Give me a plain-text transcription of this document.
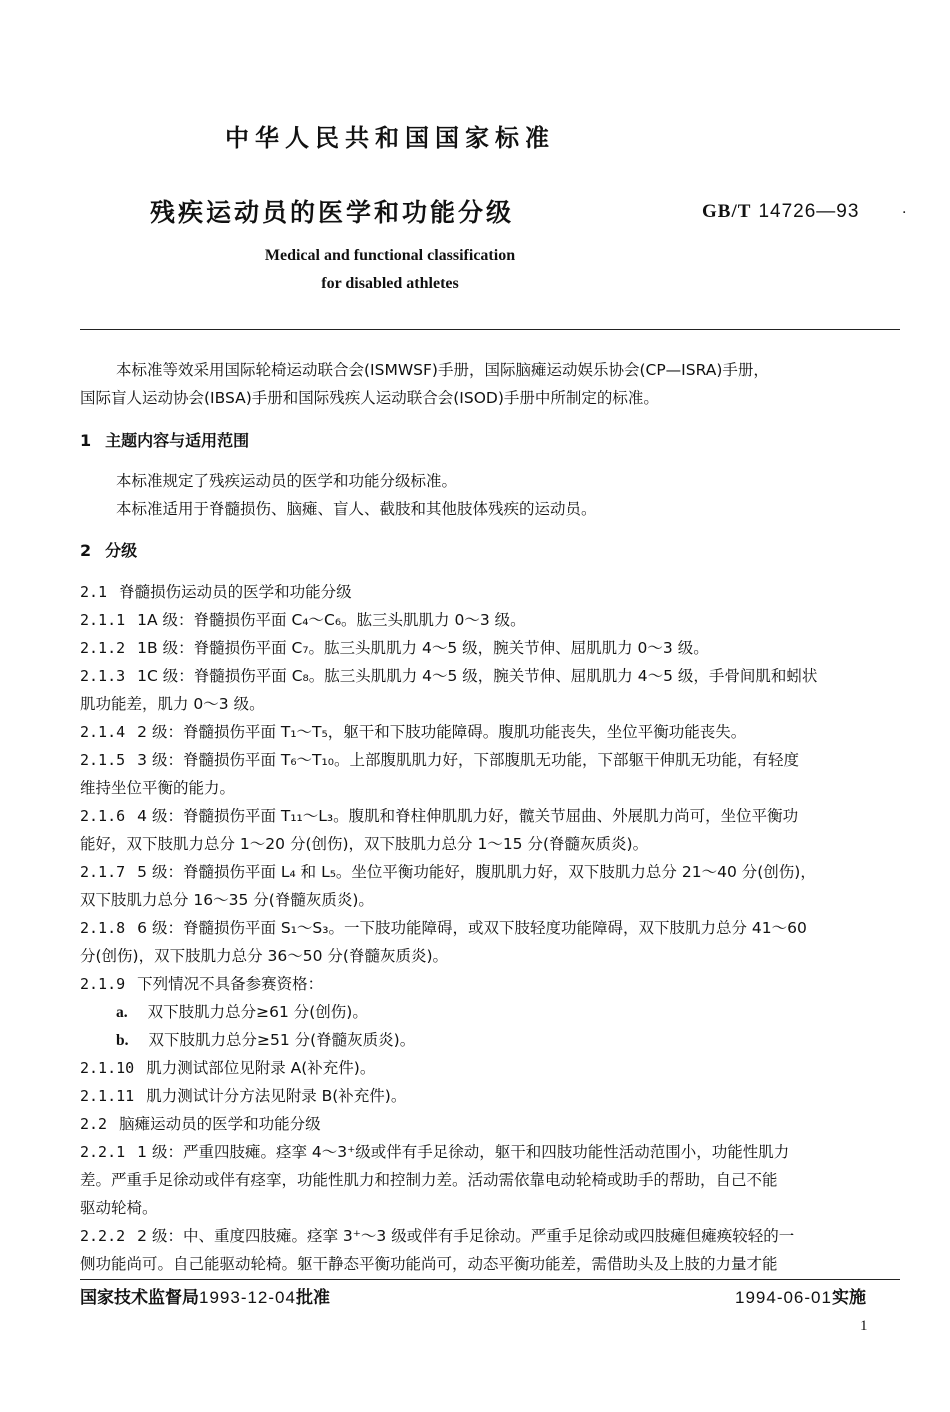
中华人民共和国国家标准
残疾运动员的医学和功能分级	GB/T 14726—93	·
Medical and functional classification
for disabled athletes
本标准等效采用国际轮椅运动联合会(ISMWSF)手册，国际脑瘫运动娱乐协会(CP—ISRA)手册，
国际盲人运动协会(IBSA)手册和国际残疾人运动联合会(ISOD)手册中所制定的标准。
1 主题内容与适用范围
本标准规定了残疾运动员的医学和功能分级标准。
本标准适用于脊髓损伤、脑瘫、盲人、截肢和其他肢体残疾的运动员。
2 分级
2.1 脊髓损伤运动员的医学和功能分级
2.1.1 1A 级：脊髓损伤平面 C₄～C₆。肱三头肌肌力 0～3 级。
2.1.2 1B 级：脊髓损伤平面 C₇。肱三头肌肌力 4～5 级，腕关节伸、屈肌肌力 0～3 级。
2.1.3 1C 级：脊髓损伤平面 C₈。肱三头肌肌力 4～5 级，腕关节伸、屈肌肌力 4～5 级，手骨间肌和蚓状
肌功能差，肌力 0～3 级。
2.1.4 2 级：脊髓损伤平面 T₁～T₅，躯干和下肢功能障碍。腹肌功能丧失，坐位平衡功能丧失。
2.1.5 3 级：脊髓损伤平面 T₆～T₁₀。上部腹肌肌力好，下部腹肌无功能，下部躯干伸肌无功能，有轻度
维持坐位平衡的能力。
2.1.6 4 级：脊髓损伤平面 T₁₁～L₃。腹肌和脊柱伸肌肌力好，髋关节屈曲、外展肌力尚可，坐位平衡功
能好，双下肢肌力总分 1～20 分(创伤)，双下肢肌力总分 1～15 分(脊髓灰质炎)。
2.1.7 5 级：脊髓损伤平面 L₄ 和 L₅。坐位平衡功能好，腹肌肌力好，双下肢肌力总分 21～40 分(创伤)，
双下肢肌力总分 16～35 分(脊髓灰质炎)。
2.1.8 6 级：脊髓损伤平面 S₁～S₃。一下肢功能障碍，或双下肢轻度功能障碍，双下肢肌力总分 41～60
分(创伤)，双下肢肌力总分 36～50 分(脊髓灰质炎)。
2.1.9 下列情况不具备参赛资格：
a. 双下肢肌力总分≥61 分(创伤)。
b. 双下肢肌力总分≥51 分(脊髓灰质炎)。
2.1.10 肌力测试部位见附录 A(补充件)。
2.1.11 肌力测试计分方法见附录 B(补充件)。
2.2 脑瘫运动员的医学和功能分级
2.2.1 1 级：严重四肢瘫。痉挛 4～3⁺级或伴有手足徐动，躯干和四肢功能性活动范围小，功能性肌力
差。严重手足徐动或伴有痉挛，功能性肌力和控制力差。活动需依靠电动轮椅或助手的帮助，自己不能
驱动轮椅。
2.2.2 2 级：中、重度四肢瘫。痉挛 3⁺～3 级或伴有手足徐动。严重手足徐动或四肢瘫但瘫痪较轻的一
侧功能尚可。自己能驱动轮椅。躯干静态平衡功能尚可，动态平衡功能差，需借助头及上肢的力量才能
国家技术监督局1993-12-04批准	1994-06-01实施
1
